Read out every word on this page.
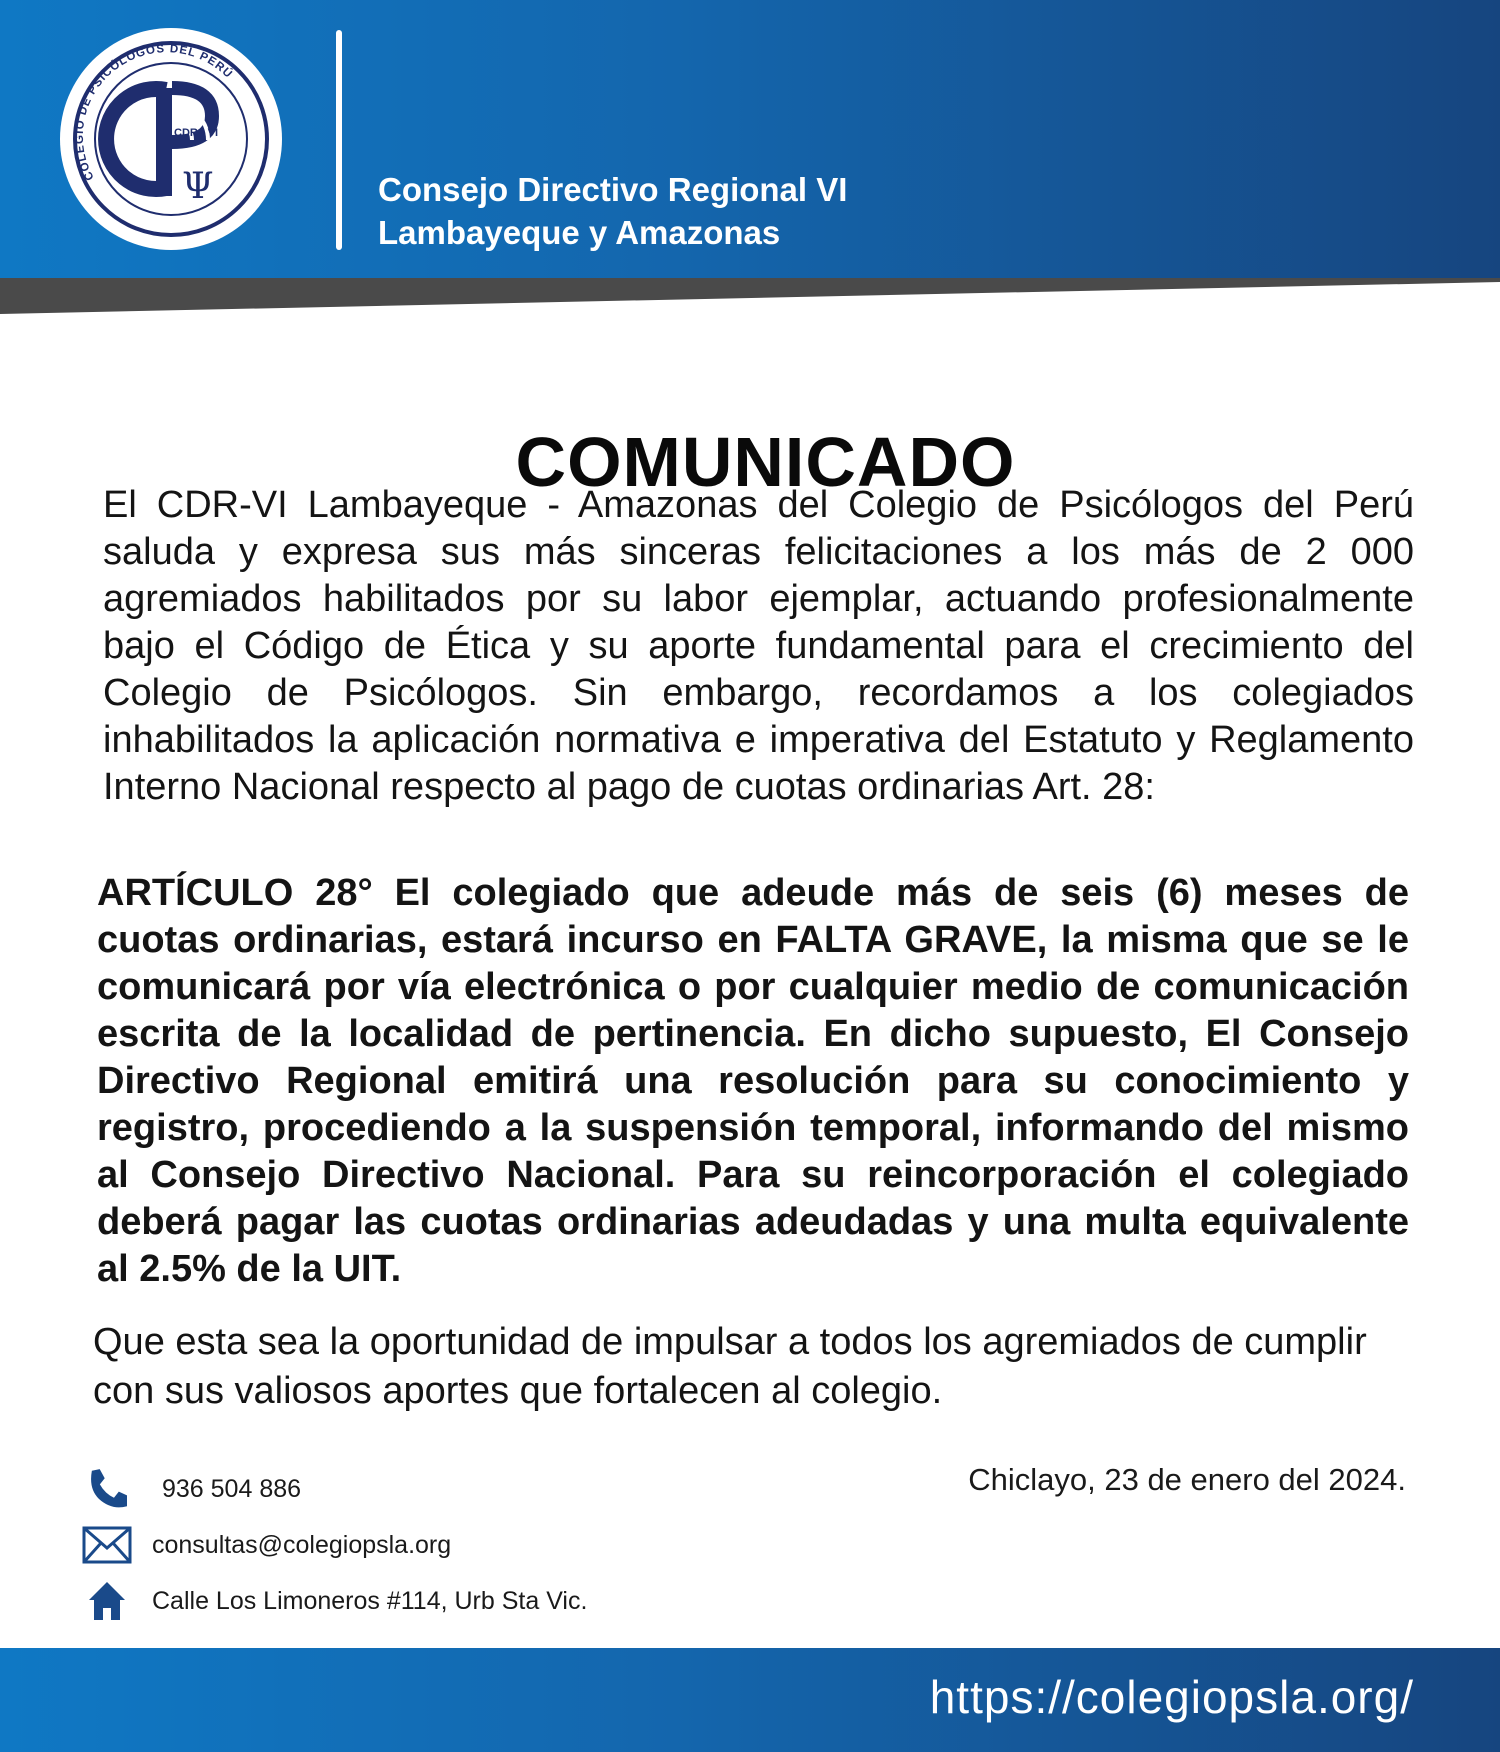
COLEGIO DE PSICÓLOGOS DEL PERÚ
CDR - VI
Ψ	Consejo Directivo Regional VI
Lambayeque y Amazonas
COMUNICADO

El CDR-VI Lambayeque - Amazonas del Colegio de Psicólogos del Perú saluda y expresa sus más sinceras felicitaciones a los más de 2 000 agremiados habilitados por su labor ejemplar, actuando profesionalmente bajo el Código de Ética y su aporte fundamental para el crecimiento del Colegio de Psicólogos. Sin embargo, recordamos a los colegiados inhabilitados la aplicación normativa e imperativa del Estatuto y Reglamento Interno Nacional respecto al pago de cuotas ordinarias Art. 28:

ARTÍCULO 28° El colegiado que adeude más de seis (6) meses de cuotas ordinarias, estará incurso en FALTA GRAVE, la misma que se le comunicará por vía electrónica o por cualquier medio de comunicación escrita de la localidad de pertinencia. En dicho supuesto, El Consejo Directivo Regional emitirá una resolución para su conocimiento y registro, procediendo a la suspensión temporal, informando del mismo al Consejo Directivo Nacional. Para su reincorporación el colegiado deberá pagar las cuotas ordinarias adeudadas y una multa equivalente al 2.5% de la UIT.

Que esta sea la oportunidad de impulsar a todos los agremiados de cumplir con sus valiosos aportes que fortalecen al colegio.

Chiclayo, 23 de enero del 2024.
936 504 886
consultas@colegiopsla.org
Calle Los Limoneros #114, Urb Sta Vic.
https://colegiopsla.org/
